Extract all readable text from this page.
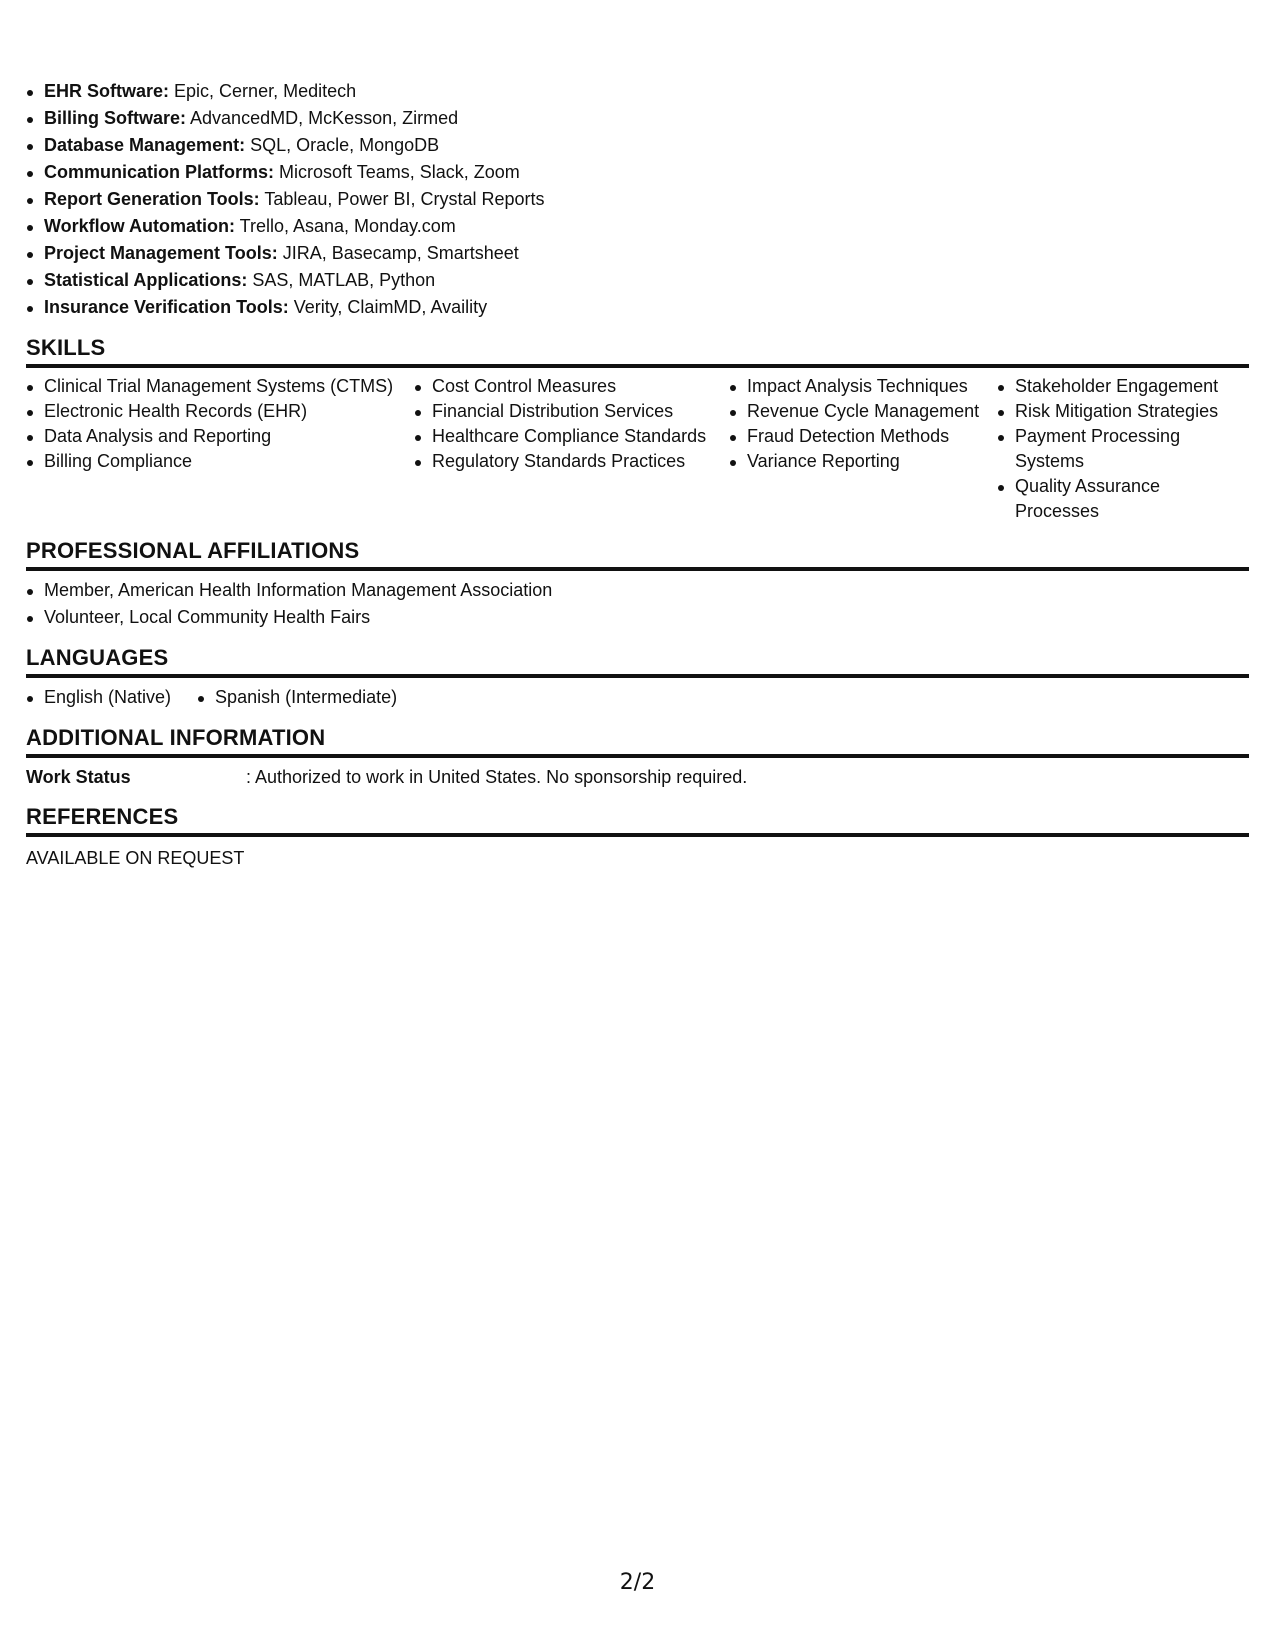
EHR Software: Epic, Cerner, Meditech
Billing Software: AdvancedMD, McKesson, Zirmed
Database Management: SQL, Oracle, MongoDB
Communication Platforms: Microsoft Teams, Slack, Zoom
Report Generation Tools: Tableau, Power BI, Crystal Reports
Workflow Automation: Trello, Asana, Monday.com
Project Management Tools: JIRA, Basecamp, Smartsheet
Statistical Applications: SAS, MATLAB, Python
Insurance Verification Tools: Verity, ClaimMD, Availity
SKILLS
Clinical Trial Management Systems (CTMS)
Electronic Health Records (EHR)
Data Analysis and Reporting
Billing Compliance
Cost Control Measures
Financial Distribution Services
Healthcare Compliance Standards
Regulatory Standards Practices
Impact Analysis Techniques
Revenue Cycle Management
Fraud Detection Methods
Variance Reporting
Stakeholder Engagement
Risk Mitigation Strategies
Payment Processing Systems
Quality Assurance Processes
PROFESSIONAL AFFILIATIONS
Member, American Health Information Management Association
Volunteer, Local Community Health Fairs
LANGUAGES
English (Native)	Spanish (Intermediate)
ADDITIONAL INFORMATION
Work Status	: Authorized to work in United States. No sponsorship required.
REFERENCES
AVAILABLE ON REQUEST
2/2
